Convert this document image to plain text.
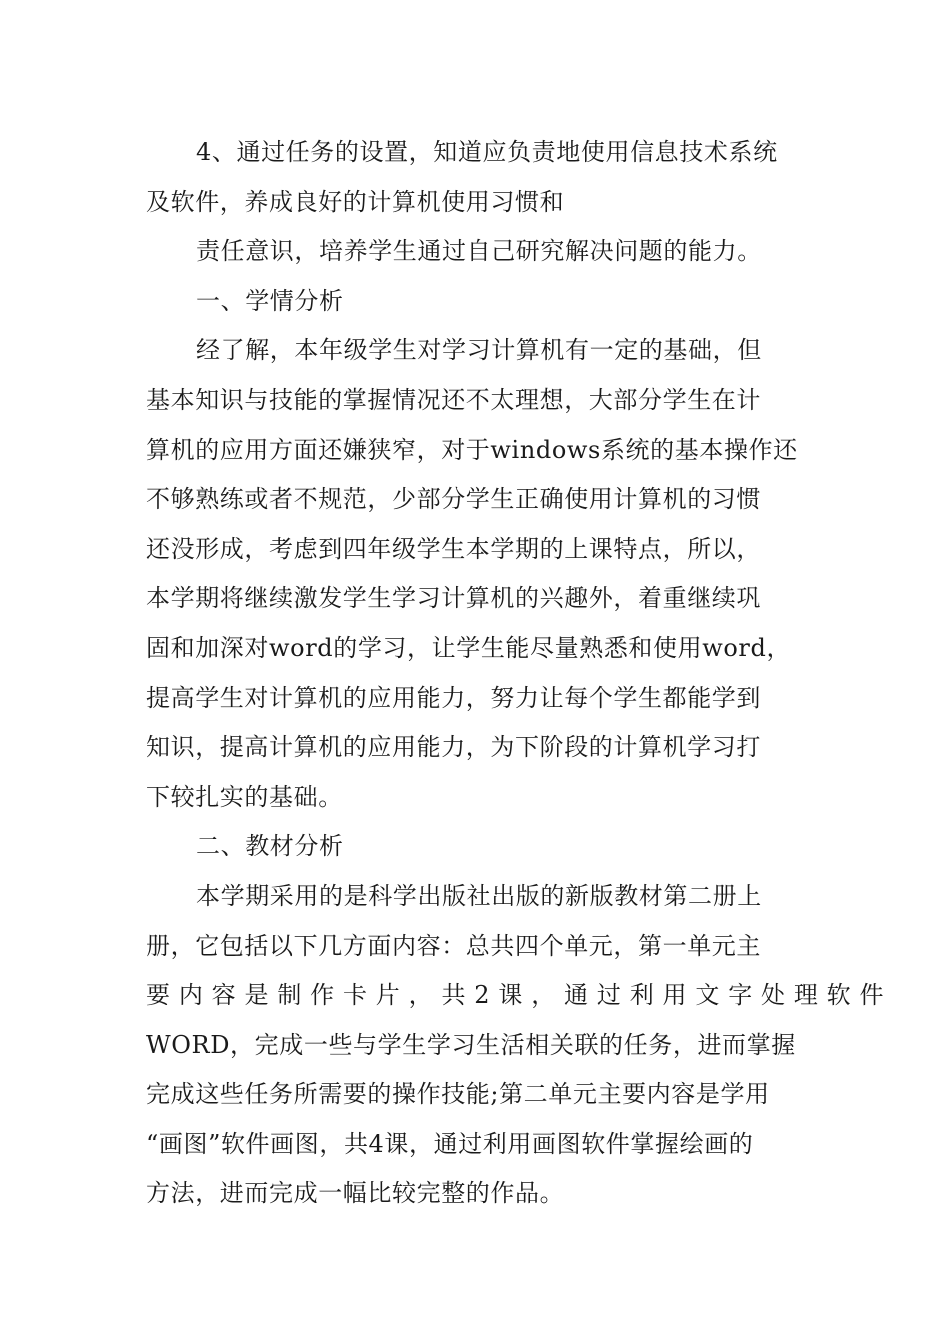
4、通过任务的设置，知道应负责地使用信息技术系统
及软件，养成良好的计算机使用习惯和
责任意识，培养学生通过自己研究解决问题的能力。
一、学情分析
经了解，本年级学生对学习计算机有一定的基础，但
基本知识与技能的掌握情况还不太理想，大部分学生在计
算机的应用方面还嫌狭窄，对于windows系统的基本操作还
不够熟练或者不规范，少部分学生正确使用计算机的习惯
还没形成，考虑到四年级学生本学期的上课特点，所以，
本学期将继续激发学生学习计算机的兴趣外，着重继续巩
固和加深对word的学习，让学生能尽量熟悉和使用word，
提高学生对计算机的应用能力，努力让每个学生都能学到
知识，提高计算机的应用能力，为下阶段的计算机学习打
下较扎实的基础。
二、教材分析
本学期采用的是科学出版社出版的新版教材第二册上
册，它包括以下几方面内容：总共四个单元，第一单元主
要 内 容 是 制 作 卡 片 ， 共 2 课 ， 通 过 利 用 文 字 处 理 软 件
WORD，完成一些与学生学习生活相关联的任务，进而掌握
完成这些任务所需要的操作技能;第二单元主要内容是学用
“画图”软件画图，共4课，通过利用画图软件掌握绘画的
方法，进而完成一幅比较完整的作品。
